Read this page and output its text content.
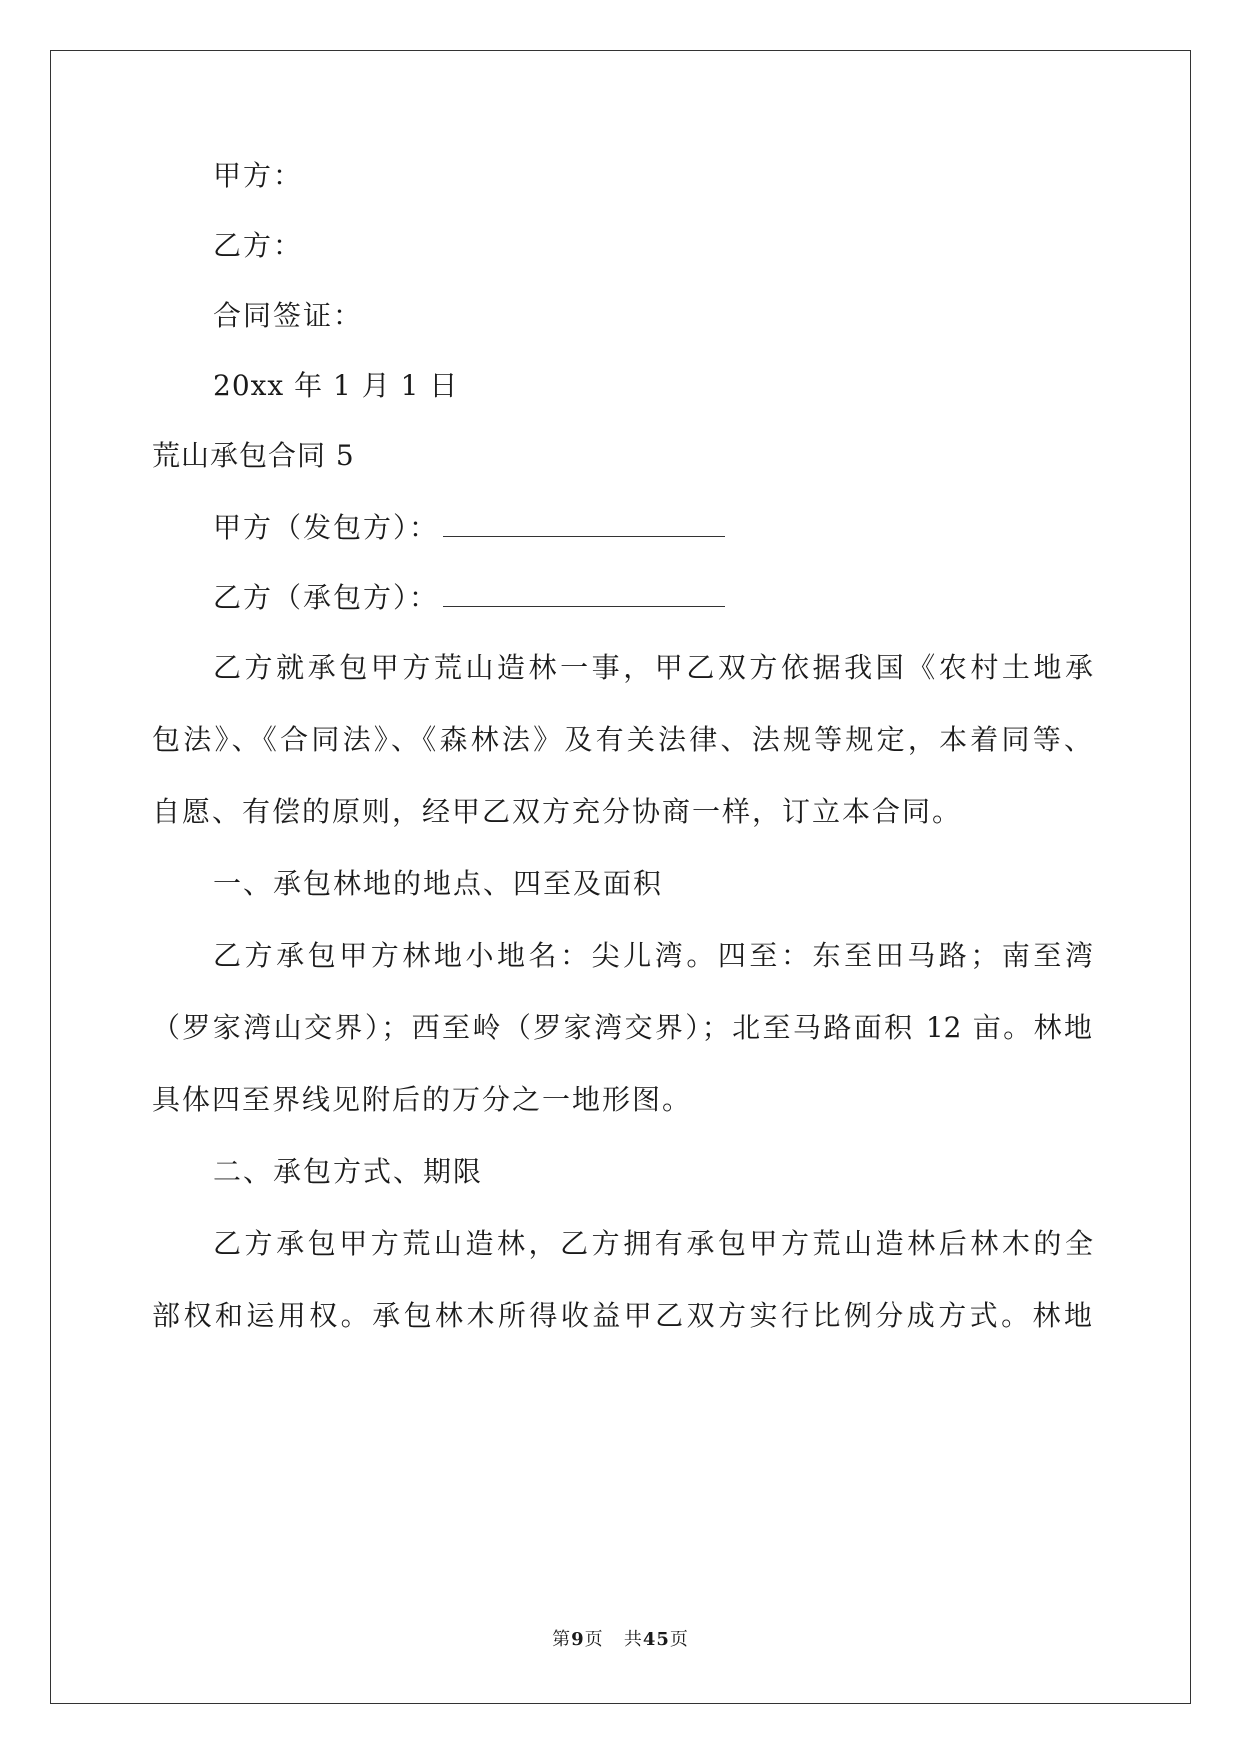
甲方：
乙方：
合同签证：
20xx 年 1 月 1 日
荒山承包合同 5
甲方（发包方）：
乙方（承包方）：
乙方就承包甲方荒山造林一事，甲乙双方依据我国《农村土地承
包法》、《合同法》、《森林法》及有关法律、法规等规定，本着同等、
自愿、有偿的原则，经甲乙双方充分协商一样，订立本合同。
一、承包林地的地点、四至及面积
乙方承包甲方林地小地名：尖儿湾。四至：东至田马路；南至湾
（罗家湾山交界）；西至岭（罗家湾交界）；北至马路面积 12 亩。林地
具体四至界线见附后的万分之一地形图。
二、承包方式、期限
乙方承包甲方荒山造林，乙方拥有承包甲方荒山造林后林木的全
部权和运用权。承包林木所得收益甲乙双方实行比例分成方式。林地
第9页 共45页
